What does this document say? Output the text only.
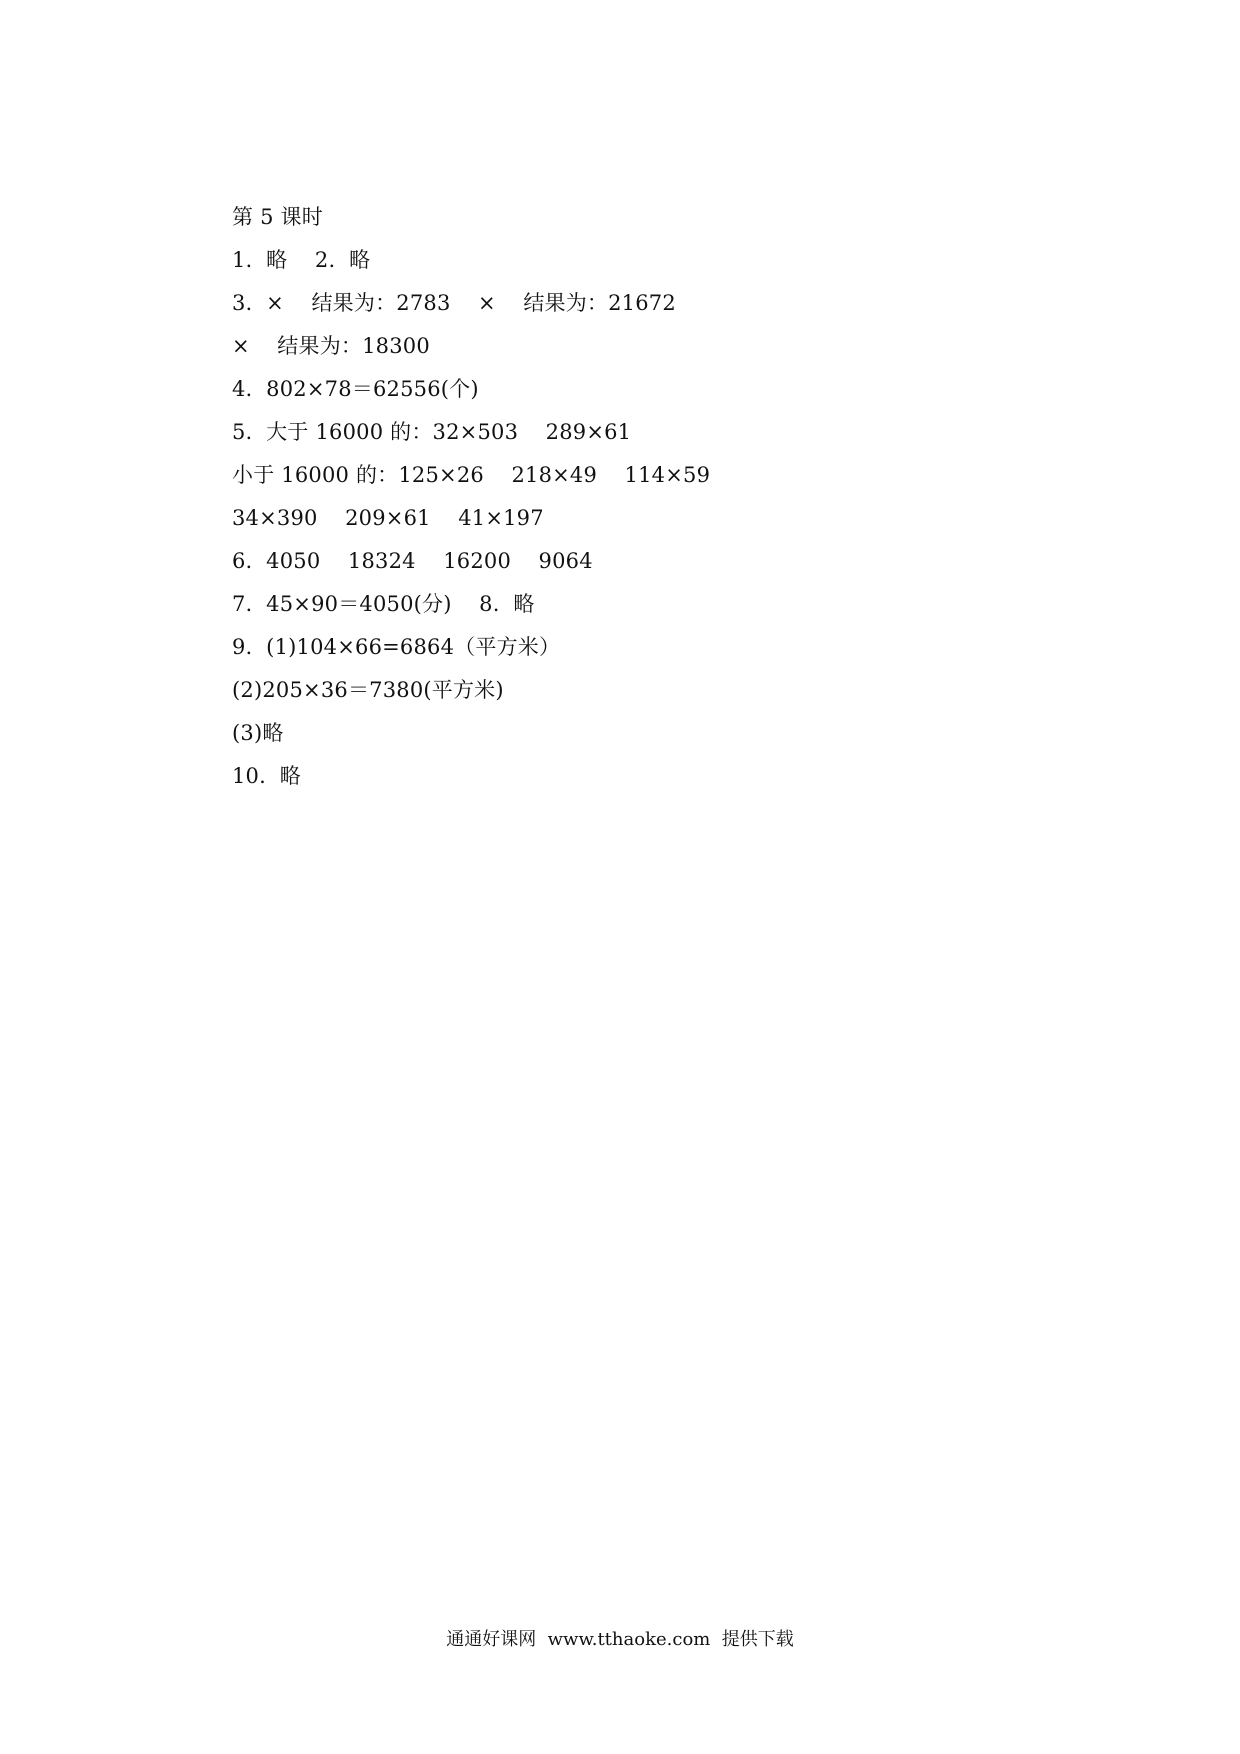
第 5 课时
1.  略    2.  略
3.  ×    结果为：2783    ×    结果为：21672
×    结果为：18300
4.  802×78＝62556(个)
5.  大于 16000 的：32×503    289×61
小于 16000 的：125×26    218×49    114×59
34×390    209×61    41×197
6.  4050    18324    16200    9064
7.  45×90＝4050(分)    8.  略
9.  (1)104×66=6864（平方米）
(2)205×36＝7380(平方米)
(3)略
10.  略
通通好课网  www.tthaoke.com  提供下载
